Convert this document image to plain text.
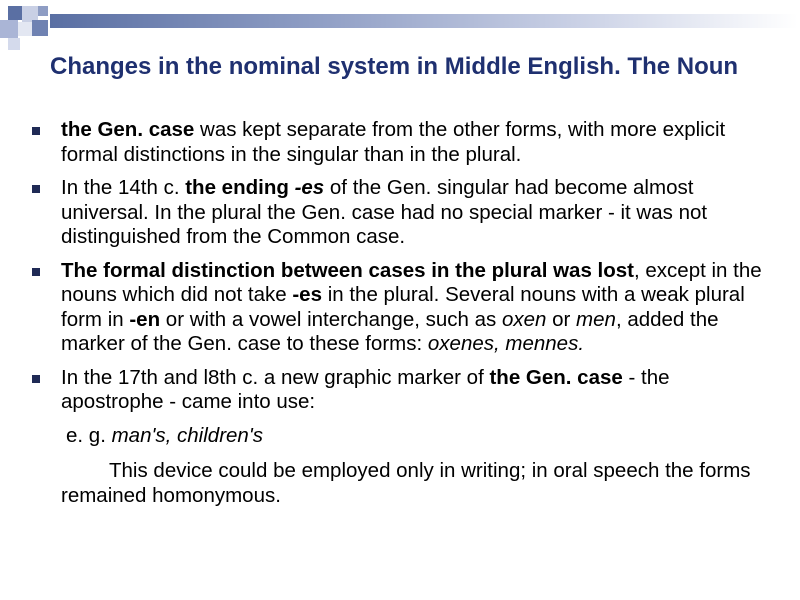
Changes in the nominal system in Middle English. The Noun
the Gen. case was kept separate from the other forms, with more explicit formal distinctions in the singular than in the plural.
In the 14th c. the ending -es of the Gen. singular had become almost universal. In the plural the Gen. case had no special marker - it was not distinguished from the Common case.
The formal distinction between cases in the plural was lost, except in the nouns which did not take -es in the plural. Several nouns with a weak plural form in -en or with a vowel interchange, such as oxen or men, added the marker of the Gen. case to these forms: oxenes, mennes.
In the 17th and l8th c. a new graphic marker of the Gen. case - the apostrophe - came into use:
e. g. man's, children's
This device could be employed only in writing; in oral speech the forms remained homonymous.
